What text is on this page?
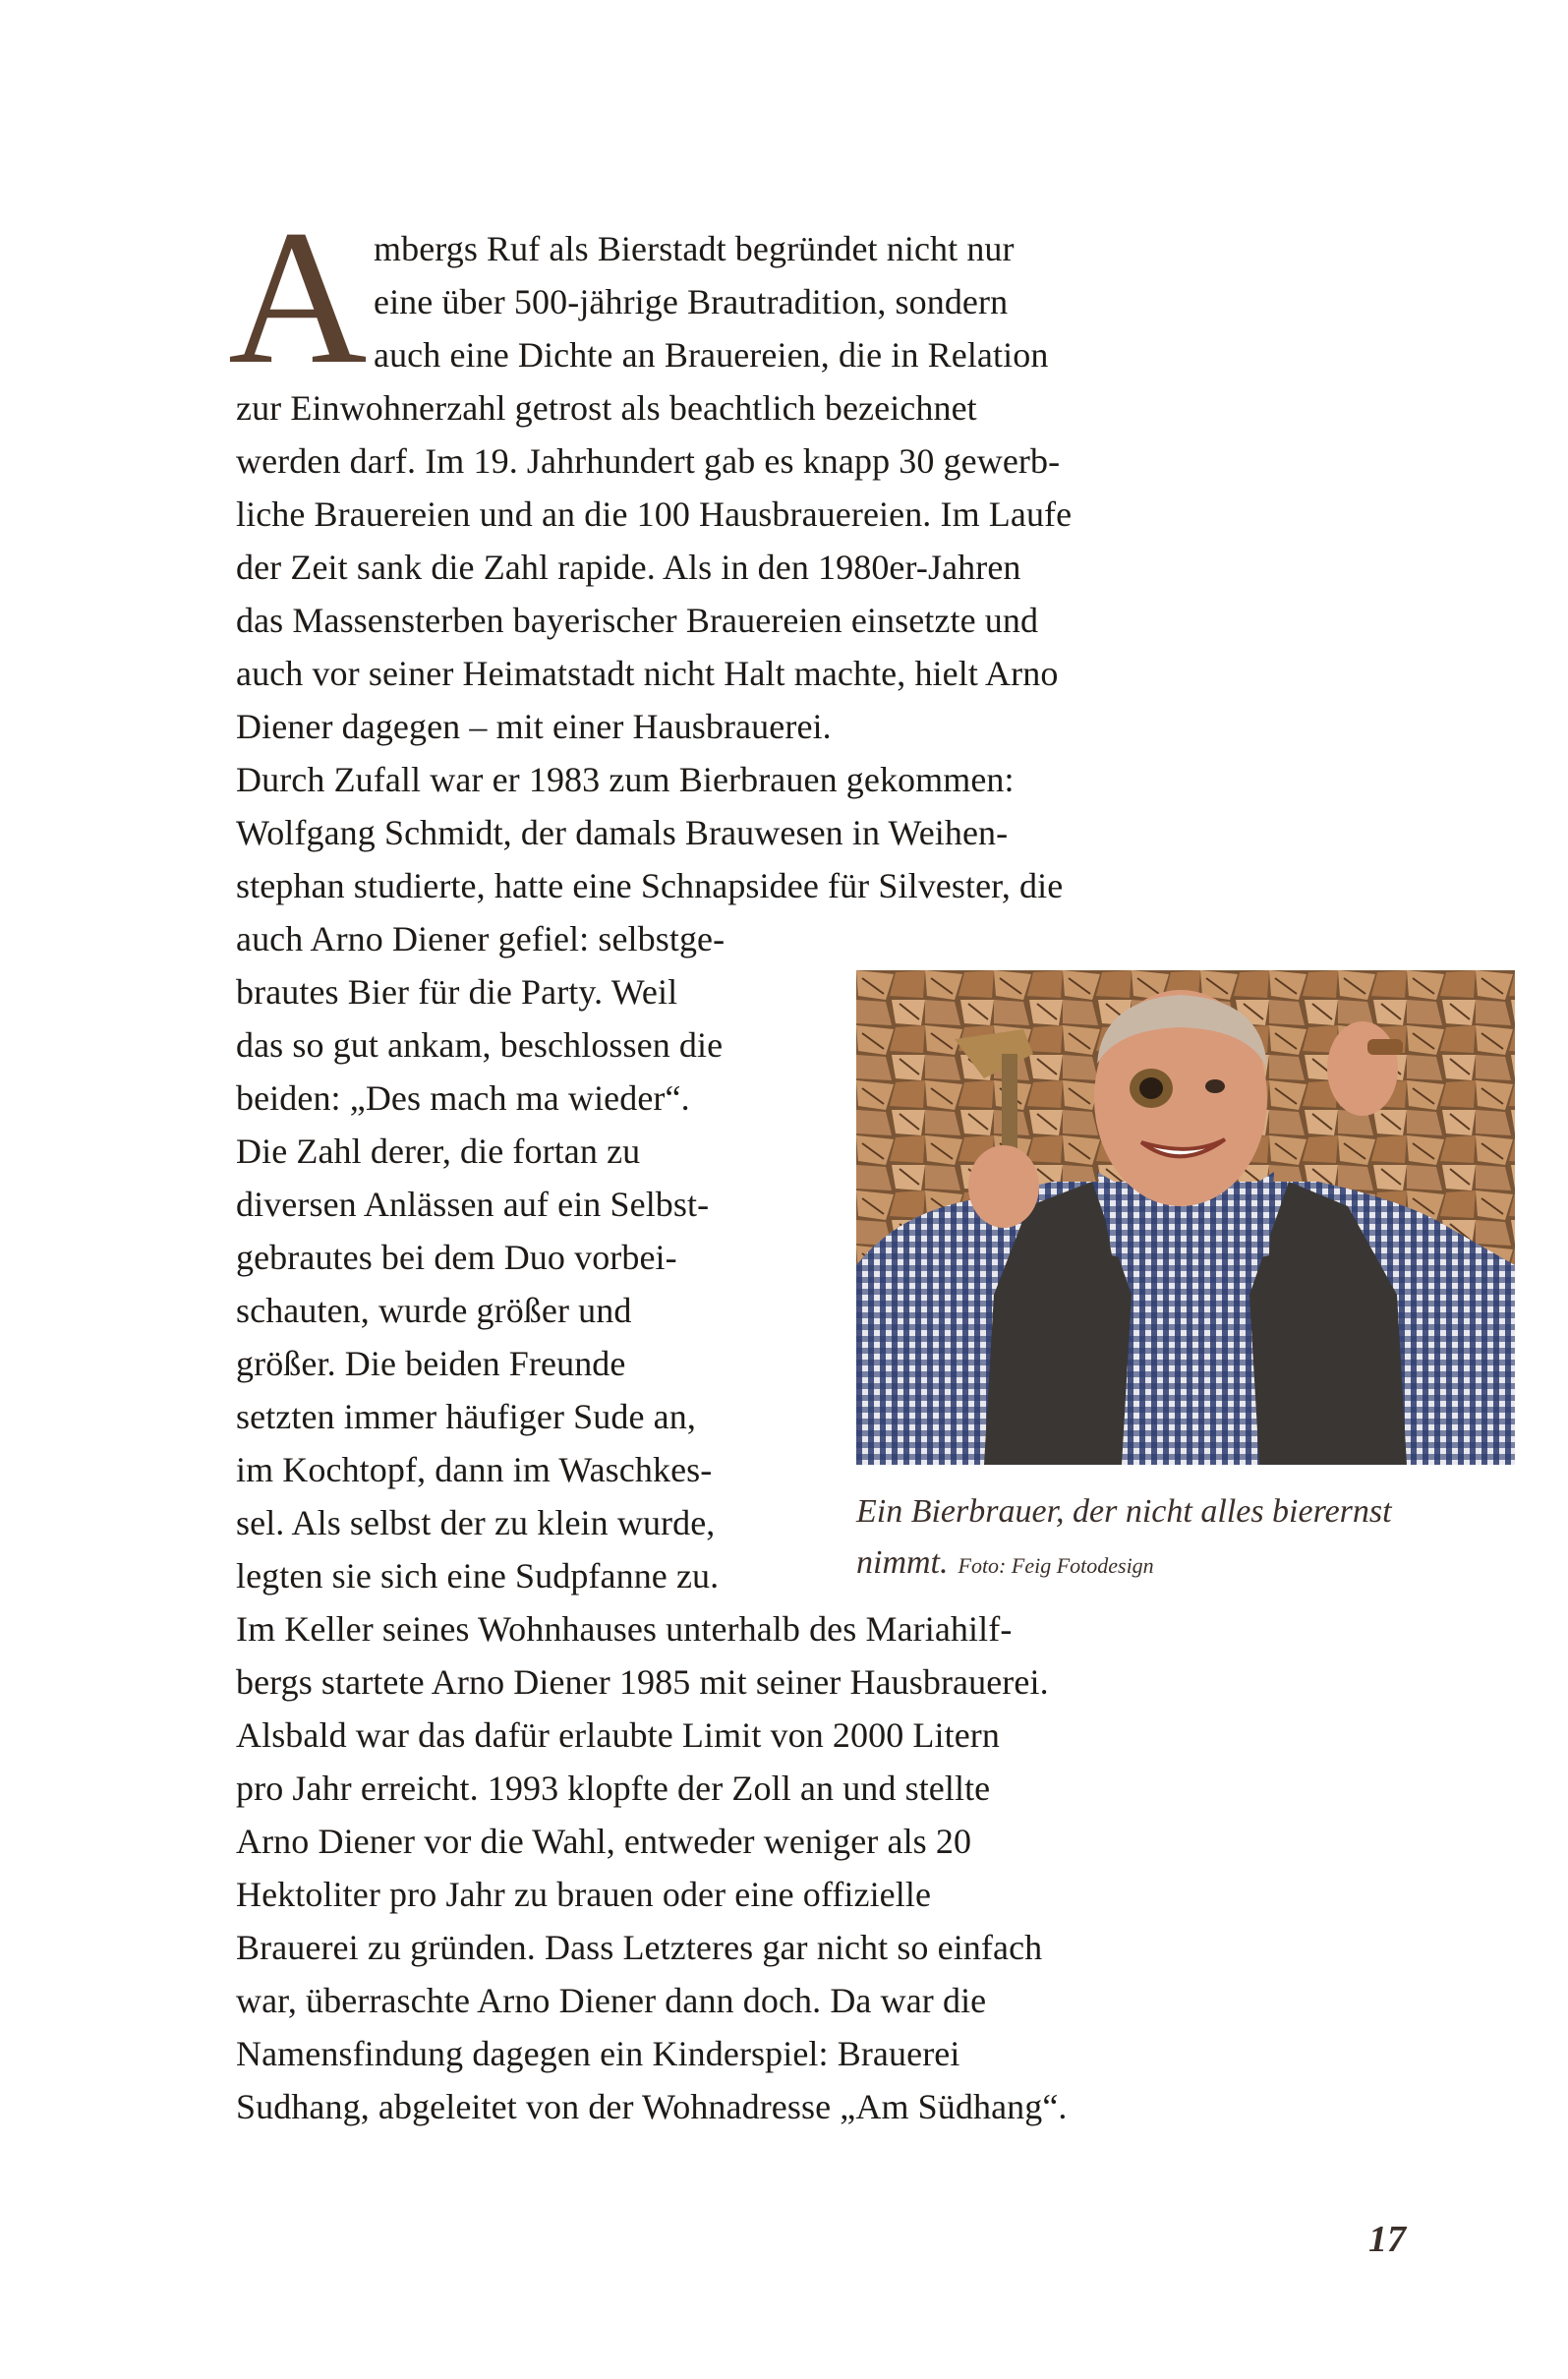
A mbergs Ruf als Bierstadt begründet nicht nur
eine über 500-jährige Brautradition, sondern
auch eine Dichte an Brauereien, die in Relation
zur Einwohnerzahl getrost als beachtlich bezeichnet
werden darf. Im 19. Jahrhundert gab es knapp 30 gewerb-
liche Brauereien und an die 100 Hausbrauereien. Im Laufe
der Zeit sank die Zahl rapide. Als in den 1980er-Jahren
das Massensterben bayerischer Brauereien einsetzte und
auch vor seiner Heimatstadt nicht Halt machte, hielt Arno
Diener dagegen – mit einer Hausbrauerei.
Durch Zufall war er 1983 zum Bierbrauen gekommen:
Wolfgang Schmidt, der damals Brauwesen in Weihen-
stephan studierte, hatte eine Schnapsidee für Silvester, die
auch Arno Diener gefiel: selbstge-
brautes Bier für die Party. Weil
das so gut ankam, beschlossen die
beiden: „Des mach ma wieder“.
Die Zahl derer, die fortan zu
diversen Anlässen auf ein Selbst-
gebrautes bei dem Duo vorbei-
schauten, wurde größer und
größer. Die beiden Freunde
setzten immer häufiger Sude an,
im Kochtopf, dann im Waschkes-
sel. Als selbst der zu klein wurde,
legten sie sich eine Sudpfanne zu.
Im Keller seines Wohnhauses unterhalb des Mariahilf-
bergs startete Arno Diener 1985 mit seiner Hausbrauerei.
Alsbald war das dafür erlaubte Limit von 2000 Litern
pro Jahr erreicht. 1993 klopfte der Zoll an und stellte
Arno Diener vor die Wahl, entweder weniger als 20
Hektoliter pro Jahr zu brauen oder eine offizielle
Brauerei zu gründen. Dass Letzteres gar nicht so einfach
war, überraschte Arno Diener dann doch. Da war die
Namensfindung dagegen ein Kinderspiel: Brauerei
Sudhang, abgeleitet von der Wohnadresse „Am Südhang“.
Ein Bierbrauer, der nicht alles bierernst
nimmt. Foto: Feig Fotodesign
17
